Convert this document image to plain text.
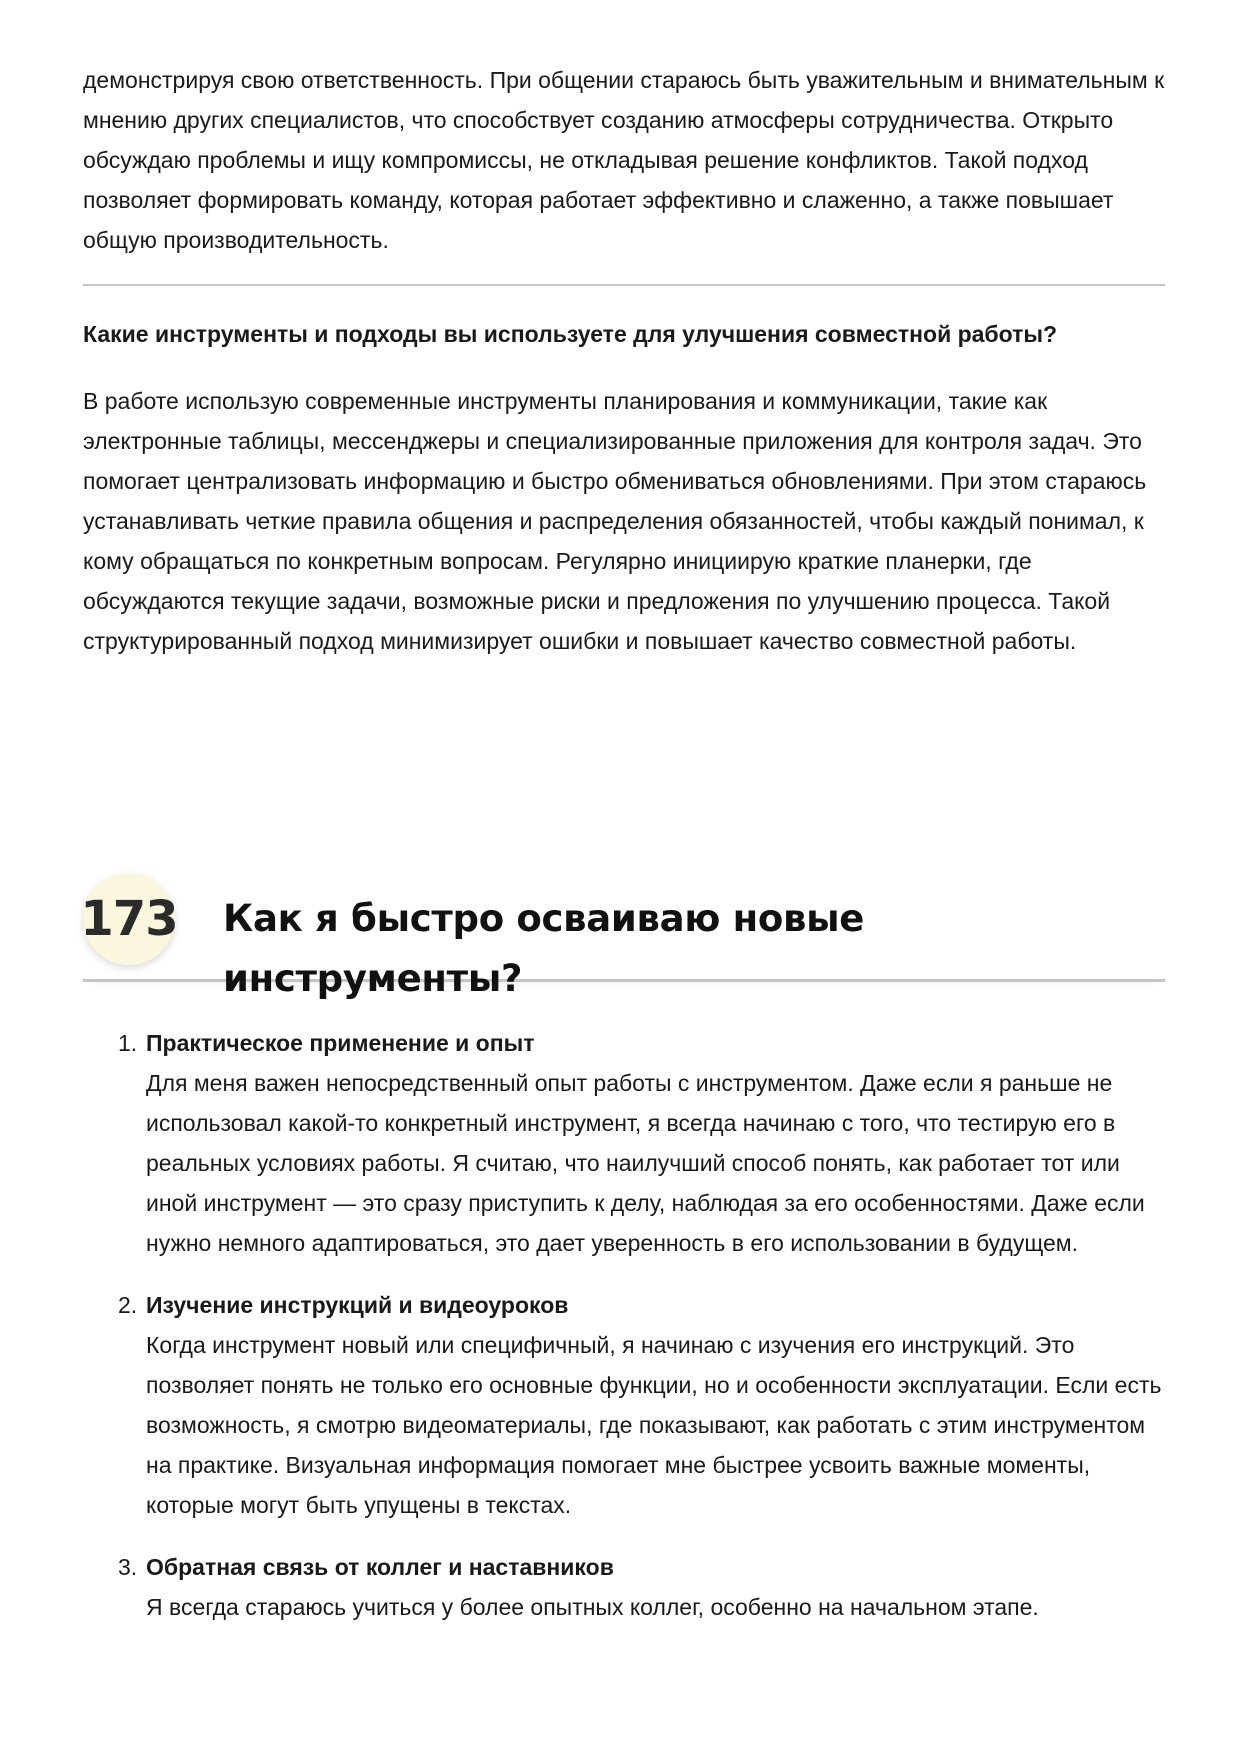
демонстрируя свою ответственность. При общении стараюсь быть уважительным и внимательным к мнению других специалистов, что способствует созданию атмосферы сотрудничества. Открыто обсуждаю проблемы и ищу компромиссы, не откладывая решение конфликтов. Такой подход позволяет формировать команду, которая работает эффективно и слаженно, а также повышает общую производительность.

Какие инструменты и подходы вы используете для улучшения совместной работы?

В работе использую современные инструменты планирования и коммуникации, такие как электронные таблицы, мессенджеры и специализированные приложения для контроля задач. Это помогает централизовать информацию и быстро обмениваться обновлениями. При этом стараюсь устанавливать четкие правила общения и распределения обязанностей, чтобы каждый понимал, к кому обращаться по конкретным вопросам. Регулярно инициирую краткие планерки, где обсуждаются текущие задачи, возможные риски и предложения по улучшению процесса. Такой структурированный подход минимизирует ошибки и повышает качество совместной работы.

173 Как я быстро осваиваю новые инструменты?
1. Практическое применение и опыт
Для меня важен непосредственный опыт работы с инструментом. Даже если я раньше не использовал какой-то конкретный инструмент, я всегда начинаю с того, что тестирую его в реальных условиях работы. Я считаю, что наилучший способ понять, как работает тот или иной инструмент — это сразу приступить к делу, наблюдая за его особенностями. Даже если нужно немного адаптироваться, это дает уверенность в его использовании в будущем.
2. Изучение инструкций и видеоуроков
Когда инструмент новый или специфичный, я начинаю с изучения его инструкций. Это позволяет понять не только его основные функции, но и особенности эксплуатации. Если есть возможность, я смотрю видеоматериалы, где показывают, как работать с этим инструментом на практике. Визуальная информация помогает мне быстрее усвоить важные моменты, которые могут быть упущены в текстах.
3. Обратная связь от коллег и наставников
Я всегда стараюсь учиться у более опытных коллег, особенно на начальном этапе.
